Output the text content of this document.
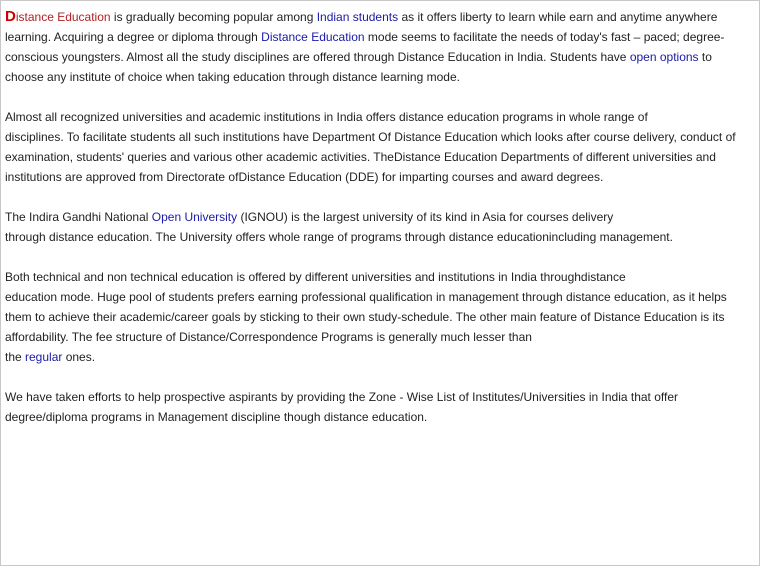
Distance Education is gradually becoming popular among Indian students as it offers liberty to learn while earn and anytime anywhere learning. Acquiring a degree or diploma through Distance Education mode seems to facilitate the needs of today's fast – paced; degree-conscious youngsters. Almost all the study disciplines are offered through Distance Education in India. Students have open options to choose any institute of choice when taking education through distance learning mode.

Almost all recognized universities and academic institutions in India offers distance education programs in whole range of
disciplines. To facilitate students all such institutions have Department Of Distance Education which looks after course delivery, conduct of examination, students' queries and various other academic activities. TheDistance Education Departments of different universities and institutions are approved from Directorate ofDistance Education (DDE) for imparting courses and award degrees.

The Indira Gandhi National Open University (IGNOU) is the largest university of its kind in Asia for courses delivery
through distance education. The University offers whole range of programs through distance educationincluding management.

Both technical and non technical education is offered by different universities and institutions in India throughdistance
education mode. Huge pool of students prefers earning professional qualification in management through distance education, as it helps them to achieve their academic/career goals by sticking to their own study-schedule. The other main feature of Distance Education is its affordability. The fee structure of Distance/Correspondence Programs is generally much lesser than
the regular ones.

We have taken efforts to help prospective aspirants by providing the Zone - Wise List of Institutes/Universities in India that offer degree/diploma programs in Management discipline though distance education.
